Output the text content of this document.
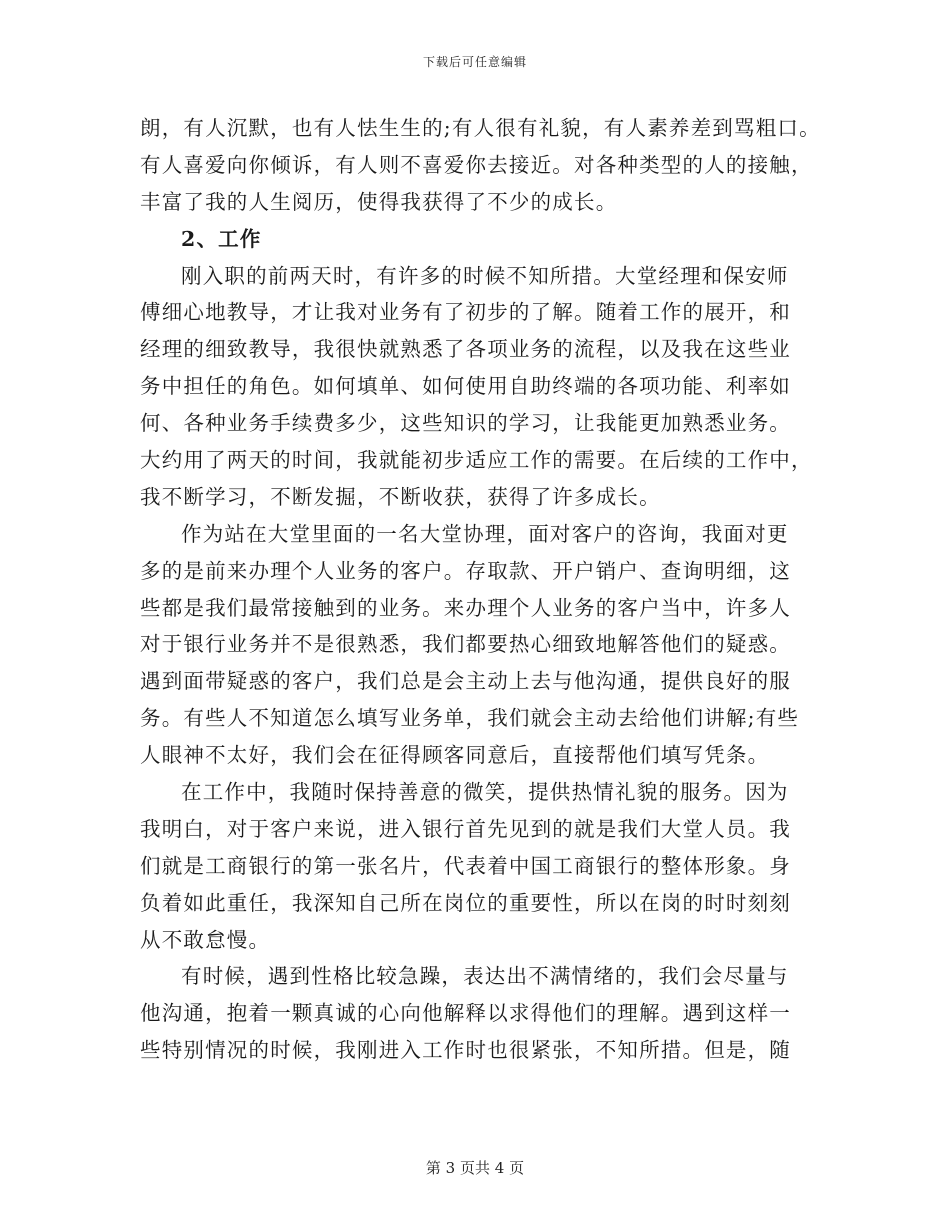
下载后可任意编辑
朗，有人沉默，也有人怯生生的;有人很有礼貌，有人素养差到骂粗口。
有人喜爱向你倾诉，有人则不喜爱你去接近。对各种类型的人的接触，
丰富了我的人生阅历，使得我获得了不少的成长。
2、工作
刚入职的前两天时，有许多的时候不知所措。大堂经理和保安师
傅细心地教导，才让我对业务有了初步的了解。随着工作的展开，和
经理的细致教导，我很快就熟悉了各项业务的流程，以及我在这些业
务中担任的角色。如何填单、如何使用自助终端的各项功能、利率如
何、各种业务手续费多少，这些知识的学习，让我能更加熟悉业务。
大约用了两天的时间，我就能初步适应工作的需要。在后续的工作中，
我不断学习，不断发掘，不断收获，获得了许多成长。
作为站在大堂里面的一名大堂协理，面对客户的咨询，我面对更
多的是前来办理个人业务的客户。存取款、开户销户、查询明细，这
些都是我们最常接触到的业务。来办理个人业务的客户当中，许多人
对于银行业务并不是很熟悉，我们都要热心细致地解答他们的疑惑。
遇到面带疑惑的客户，我们总是会主动上去与他沟通，提供良好的服
务。有些人不知道怎么填写业务单，我们就会主动去给他们讲解;有些
人眼神不太好，我们会在征得顾客同意后，直接帮他们填写凭条。
在工作中，我随时保持善意的微笑，提供热情礼貌的服务。因为
我明白，对于客户来说，进入银行首先见到的就是我们大堂人员。我
们就是工商银行的第一张名片，代表着中国工商银行的整体形象。身
负着如此重任，我深知自己所在岗位的重要性，所以在岗的时时刻刻
从不敢怠慢。
有时候，遇到性格比较急躁，表达出不满情绪的，我们会尽量与
他沟通，抱着一颗真诚的心向他解释以求得他们的理解。遇到这样一
些特别情况的时候，我刚进入工作时也很紧张，不知所措。但是，随
第 3 页共 4 页
